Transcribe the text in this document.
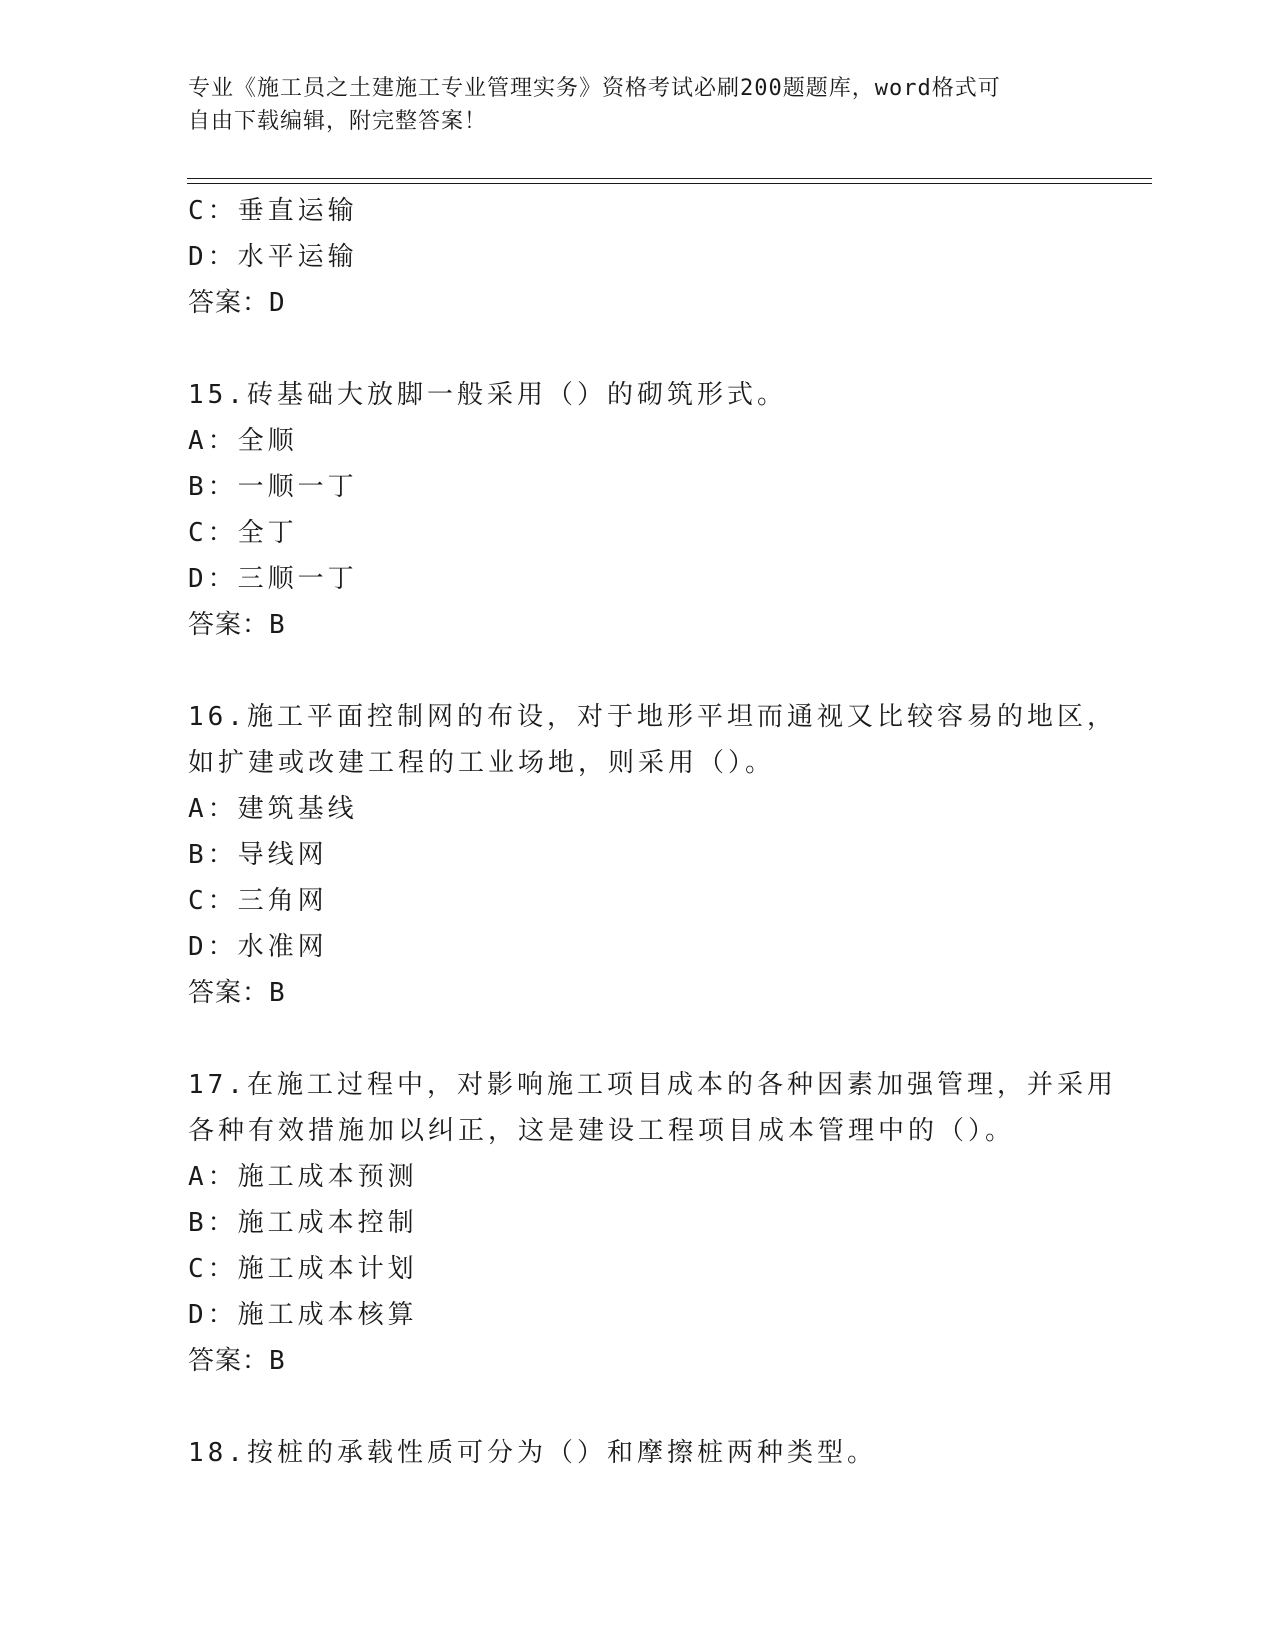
专业《施工员之土建施工专业管理实务》资格考试必刷200题题库，word格式可
自由下载编辑，附完整答案！
C：垂直运输
D：水平运输
答案：D
15.砖基础大放脚一般采用（）的砌筑形式。
A：全顺
B：一顺一丁
C：全丁
D：三顺一丁
答案：B
16.施工平面控制网的布设，对于地形平坦而通视又比较容易的地区，
如扩建或改建工程的工业场地，则采用（）。
A：建筑基线
B：导线网
C：三角网
D：水准网
答案：B
17.在施工过程中，对影响施工项目成本的各种因素加强管理，并采用
各种有效措施加以纠正，这是建设工程项目成本管理中的（）。
A：施工成本预测
B：施工成本控制
C：施工成本计划
D：施工成本核算
答案：B
18.按桩的承载性质可分为（）和摩擦桩两种类型。
